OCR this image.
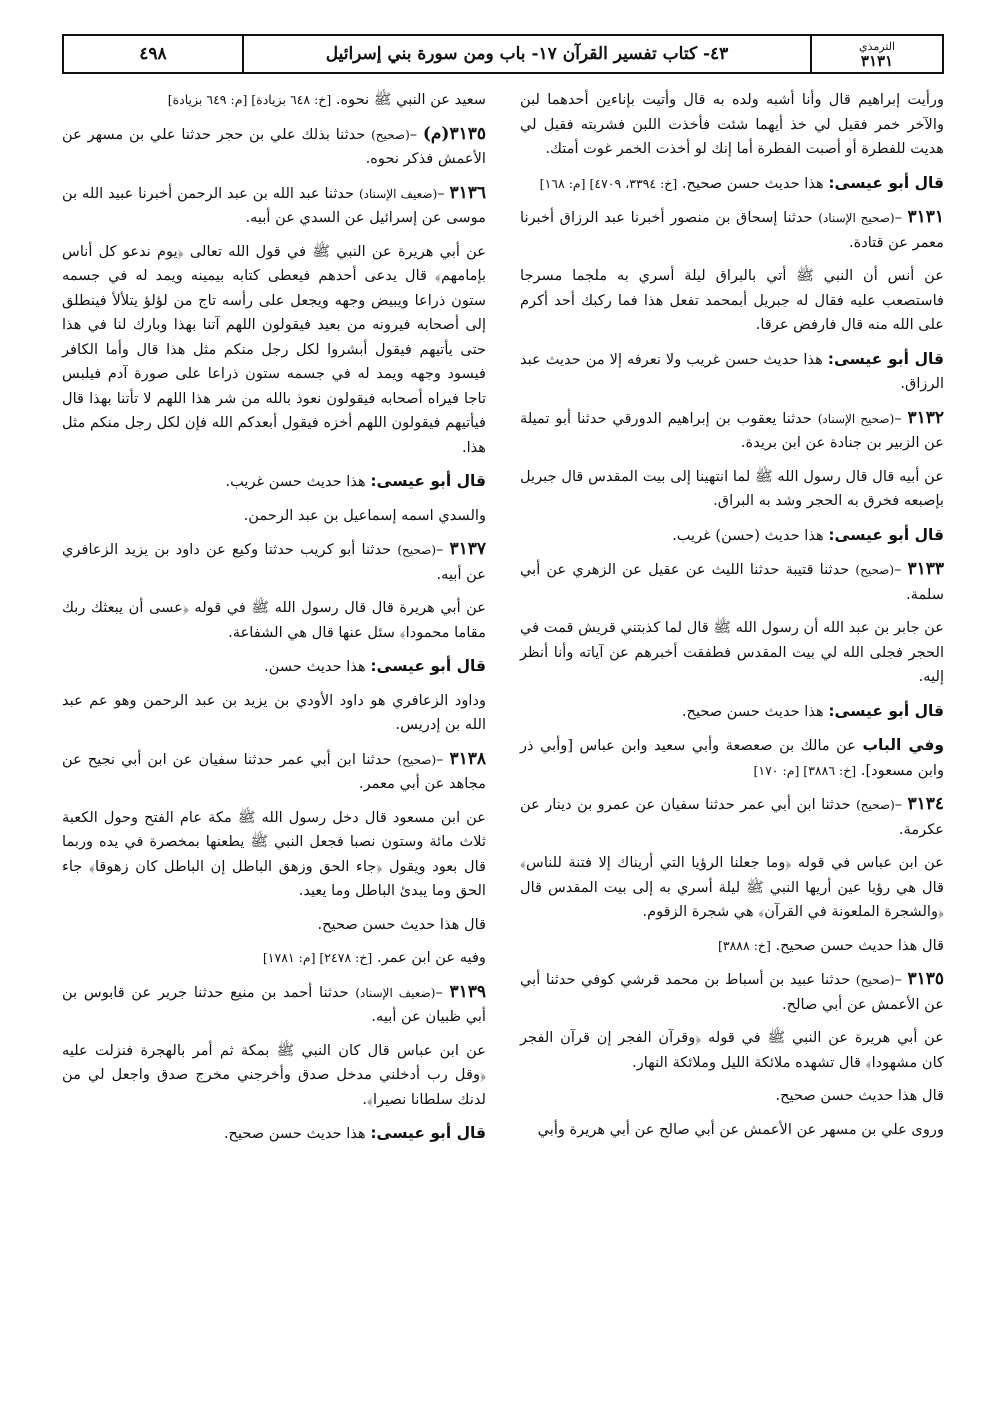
الترمذي
٣١٣١
٤٣- كتاب تفسير القرآن ١٧- باب ومن سورة بني إسرائيل
٤٩٨

ورأيت إبراهيم قال وأنا أشبه ولده به قال وأتيت بإناءين أحدهما لبن والآخر خمر فقيل لي خذ أيهما شئت فأخذت اللبن فشربته فقيل لي هديت للفطرة أو أصبت الفطرة أما إنك لو أخذت الخمر غوت أمتك.

قال أبو عيسى: هذا حديث حسن صحيح. [خ: ٣٣٩٤، ٤٧٠٩] [م: ١٦٨]

٣١٣١ –(صحيح الإسناد) حدثنا إسحاق بن منصور أخبرنا عبد الرزاق أخبرنا معمر عن قتادة.

عن أنس أن النبي ﷺ أتي بالبراق ليلة أسري به ملجما مسرجا فاستصعب عليه فقال له جبريل أبمحمد تفعل هذا فما ركبك أحد أكرم على الله منه قال فارفض عرقا.

قال أبو عيسى: هذا حديث حسن غريب ولا نعرفه إلا من حديث عبد الرزاق.

٣١٣٢ –(صحيح الإسناد) حدثنا يعقوب بن إبراهيم الدورقي حدثنا أبو تميلة عن الزبير بن جنادة عن ابن بريدة.

عن أبيه قال قال رسول الله ﷺ لما انتهينا إلى بيت المقدس قال جبريل بإصبعه فخرق به الحجر وشد به البراق.

قال أبو عيسى: هذا حديث (حسن) غريب.

٣١٣٣ –(صحيح) حدثنا قتيبة حدثنا الليث عن عقيل عن الزهري عن أبي سلمة.

عن جابر بن عبد الله أن رسول الله ﷺ قال لما كذبتني قريش قمت في الحجر فجلى الله لي بيت المقدس فطفقت أخبرهم عن آياته وأنا أنظر إليه.

قال أبو عيسى: هذا حديث حسن صحيح.

وفي الباب عن مالك بن صعصعة وأبي سعيد وابن عباس [وأبي ذر وابن مسعود]. [خ: ٣٨٨٦] [م: ١٧٠]

٣١٣٤ –(صحيح) حدثنا ابن أبي عمر حدثنا سفيان عن عمرو بن دينار عن عكرمة.

عن ابن عباس في قوله ﴿وما جعلنا الرؤيا التي أريناك إلا فتنة للناس﴾ قال هي رؤيا عين أريها النبي ﷺ ليلة أسري به إلى بيت المقدس قال ﴿والشجرة الملعونة في القرآن﴾ هي شجرة الزقوم.

قال هذا حديث حسن صحيح. [خ: ٣٨٨٨]

٣١٣٥ –(صحيح) حدثنا عبيد بن أسباط بن محمد قرشي كوفي حدثنا أبي عن الأعمش عن أبي صالح.

عن أبي هريرة عن النبي ﷺ في قوله ﴿وقرآن الفجر إن قرآن الفجر كان مشهودا﴾ قال تشهده ملائكة الليل وملائكة النهار.

قال هذا حديث حسن صحيح.

وروى علي بن مسهر عن الأعمش عن أبي صالح عن أبي هريرة وأبي

سعيد عن النبي ﷺ نحوه. [خ: ٦٤٨ بزيادة] [م: ٦٤٩ بزيادة]

٣١٣٥(م) –(صحيح) حدثنا بذلك علي بن حجر حدثنا علي بن مسهر عن الأعمش فذكر نحوه.

٣١٣٦ –(ضعيف الإسناد) حدثنا عبد الله بن عبد الرحمن أخبرنا عبيد الله بن موسى عن إسرائيل عن السدي عن أبيه.

عن أبي هريرة عن النبي ﷺ في قول الله تعالى ﴿يوم ندعو كل أناس بإمامهم﴾ قال يدعى أحدهم فيعطى كتابه بيمينه ويمد له في جسمه ستون ذراعا ويبيض وجهه ويجعل على رأسه تاج من لؤلؤ يتلألأ فينطلق إلى أصحابه فيرونه من بعيد فيقولون اللهم آتنا بهذا وبارك لنا في هذا حتى يأتيهم فيقول أبشروا لكل رجل منكم مثل هذا قال وأما الكافر فيسود وجهه ويمد له في جسمه ستون ذراعا على صورة آدم فيلبس تاجا فيراه أصحابه فيقولون نعوذ بالله من شر هذا اللهم لا تأتنا بهذا قال فيأتيهم فيقولون اللهم أخزه فيقول أبعدكم الله فإن لكل رجل منكم مثل هذا.

قال أبو عيسى: هذا حديث حسن غريب.

والسدي اسمه إسماعيل بن عبد الرحمن.

٣١٣٧ –(صحيح) حدثنا أبو كريب حدثنا وكيع عن داود بن يزيد الزعافري عن أبيه.

عن أبي هريرة قال قال رسول الله ﷺ في قوله ﴿عسى أن يبعثك ربك مقاما محمودا﴾ سئل عنها قال هي الشفاعة.

قال أبو عيسى: هذا حديث حسن.

وداود الزعافري هو داود الأودي بن يزيد بن عبد الرحمن وهو عم عبد الله بن إدريس.

٣١٣٨ –(صحيح) حدثنا ابن أبي عمر حدثنا سفيان عن ابن أبي نجيح عن مجاهد عن أبي معمر.

عن ابن مسعود قال دخل رسول الله ﷺ مكة عام الفتح وحول الكعبة ثلاث مائة وستون نصبا فجعل النبي ﷺ يطعنها بمخصرة في يده وربما قال بعود ويقول ﴿جاء الحق وزهق الباطل إن الباطل كان زهوقا﴾ جاء الحق وما يبدئ الباطل وما يعيد.

قال هذا حديث حسن صحيح.

وفيه عن ابن عمر. [خ: ٢٤٧٨] [م: ١٧٨١]

٣١٣٩ –(ضعيف الإسناد) حدثنا أحمد بن منيع حدثنا جرير عن قابوس بن أبي ظبيان عن أبيه.

عن ابن عباس قال كان النبي ﷺ بمكة ثم أمر بالهجرة فنزلت عليه ﴿وقل رب أدخلني مدخل صدق وأخرجني مخرج صدق واجعل لي من لدنك سلطانا نصيرا﴾.

قال أبو عيسى: هذا حديث حسن صحيح.
